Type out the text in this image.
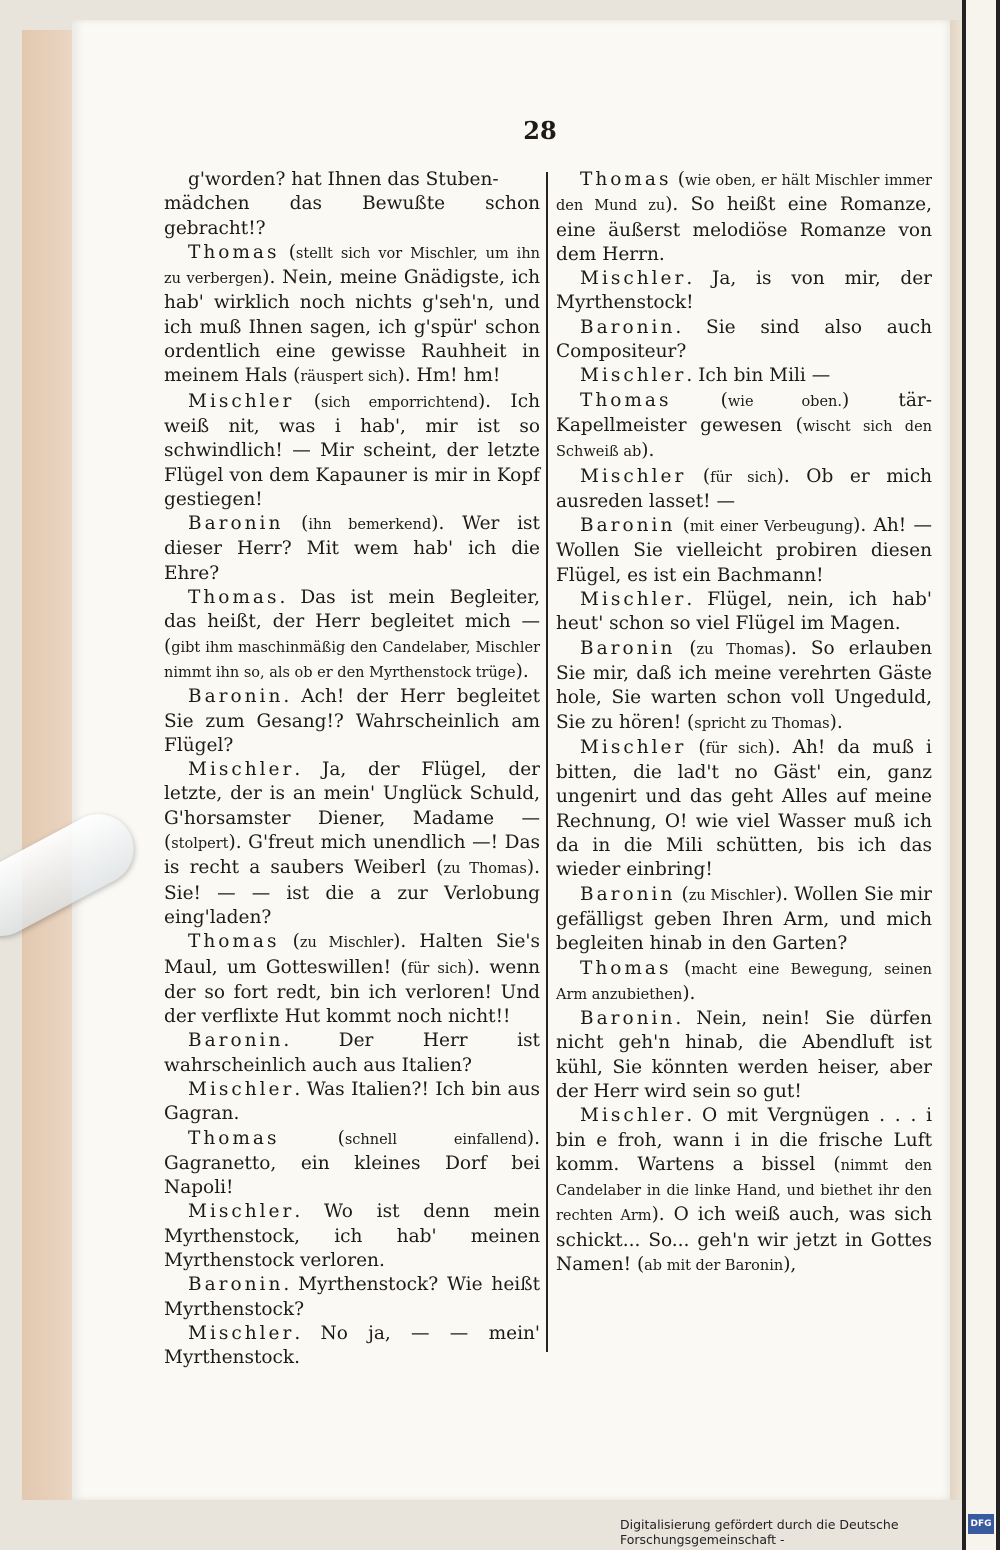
28

g'worden? hat Ihnen das Stuben-

mädchen das Bewußte schon gebracht!?

Thomas (stellt sich vor Mischler, um ihn zu verbergen). Nein, meine Gnädigste, ich hab' wirklich noch nichts g'seh'n, und ich muß Ihnen sagen, ich g'spür' schon ordentlich eine gewisse Rauhheit in meinem Hals (räuspert sich). Hm! hm!

Mischler (sich emporrichtend). Ich weiß nit, was i hab', mir ist so schwindlich! — Mir scheint, der letzte Flügel von dem Kapauner is mir in Kopf gestiegen!

Baronin (ihn bemerkend). Wer ist dieser Herr? Mit wem hab' ich die Ehre?

Thomas. Das ist mein Begleiter, das heißt, der Herr begleitet mich — (gibt ihm maschinmäßig den Candelaber, Mischler nimmt ihn so, als ob er den Myrthenstock trüge).

Baronin. Ach! der Herr begleitet Sie zum Gesang!? Wahrscheinlich am Flügel?

Mischler. Ja, der Flügel, der letzte, der is an mein' Unglück Schuld, G'horsamster Diener, Madame — (stolpert). G'freut mich unendlich —! Das is recht a saubers Weiberl (zu Thomas). Sie! — — ist die a zur Verlobung eing'laden?

Thomas (zu Mischler). Halten Sie's Maul, um Gotteswillen! (für sich). wenn der so fort redt, bin ich verloren! Und der verflixte Hut kommt noch nicht!!

Baronin. Der Herr ist wahrscheinlich auch aus Italien?

Mischler. Was Italien?! Ich bin aus Gagran.

Thomas (schnell einfallend). Gagranetto, ein kleines Dorf bei Napoli!

Mischler. Wo ist denn mein Myrthenstock, ich hab' meinen Myrthenstock verloren.

Baronin. Myrthenstock? Wie heißt Myrthenstock?

Mischler. No ja, — — mein' Myrthenstock.

Thomas (wie oben, er hält Mischler immer den Mund zu). So heißt eine Romanze, eine äußerst melodiöse Romanze von dem Herrn.

Mischler. Ja, is von mir, der Myrthenstock!

Baronin. Sie sind also auch Compositeur?

Mischler. Ich bin Mili —

Thomas (wie oben.) tär-Kapellmeister gewesen (wischt sich den Schweiß ab).

Mischler (für sich). Ob er mich ausreden lasset! —

Baronin (mit einer Verbeugung). Ah! — Wollen Sie vielleicht probiren diesen Flügel, es ist ein Bachmann!

Mischler. Flügel, nein, ich hab' heut' schon so viel Flügel im Magen.

Baronin (zu Thomas). So erlauben Sie mir, daß ich meine verehrten Gäste hole, Sie warten schon voll Ungeduld, Sie zu hören! (spricht zu Thomas).

Mischler (für sich). Ah! da muß i bitten, die lad't no Gäst' ein, ganz ungenirt und das geht Alles auf meine Rechnung, O! wie viel Wasser muß ich da in die Mili schütten, bis ich das wieder einbring!

Baronin (zu Mischler). Wollen Sie mir gefälligst geben Ihren Arm, und mich begleiten hinab in den Garten?

Thomas (macht eine Bewegung, seinen Arm anzubiethen).

Baronin. Nein, nein! Sie dürfen nicht geh'n hinab, die Abendluft ist kühl, Sie könnten werden heiser, aber der Herr wird sein so gut!

Mischler. O mit Vergnügen . . . i bin e froh, wann i in die frische Luft komm. Wartens a bissel (nimmt den Candelaber in die linke Hand, und biethet ihr den rechten Arm). O ich weiß auch, was sich schickt... So... geh'n wir jetzt in Gottes Namen! (ab mit der Baronin),

Digitalisierung gefördert durch die Deutsche Forschungsgemeinschaft -
DFG
